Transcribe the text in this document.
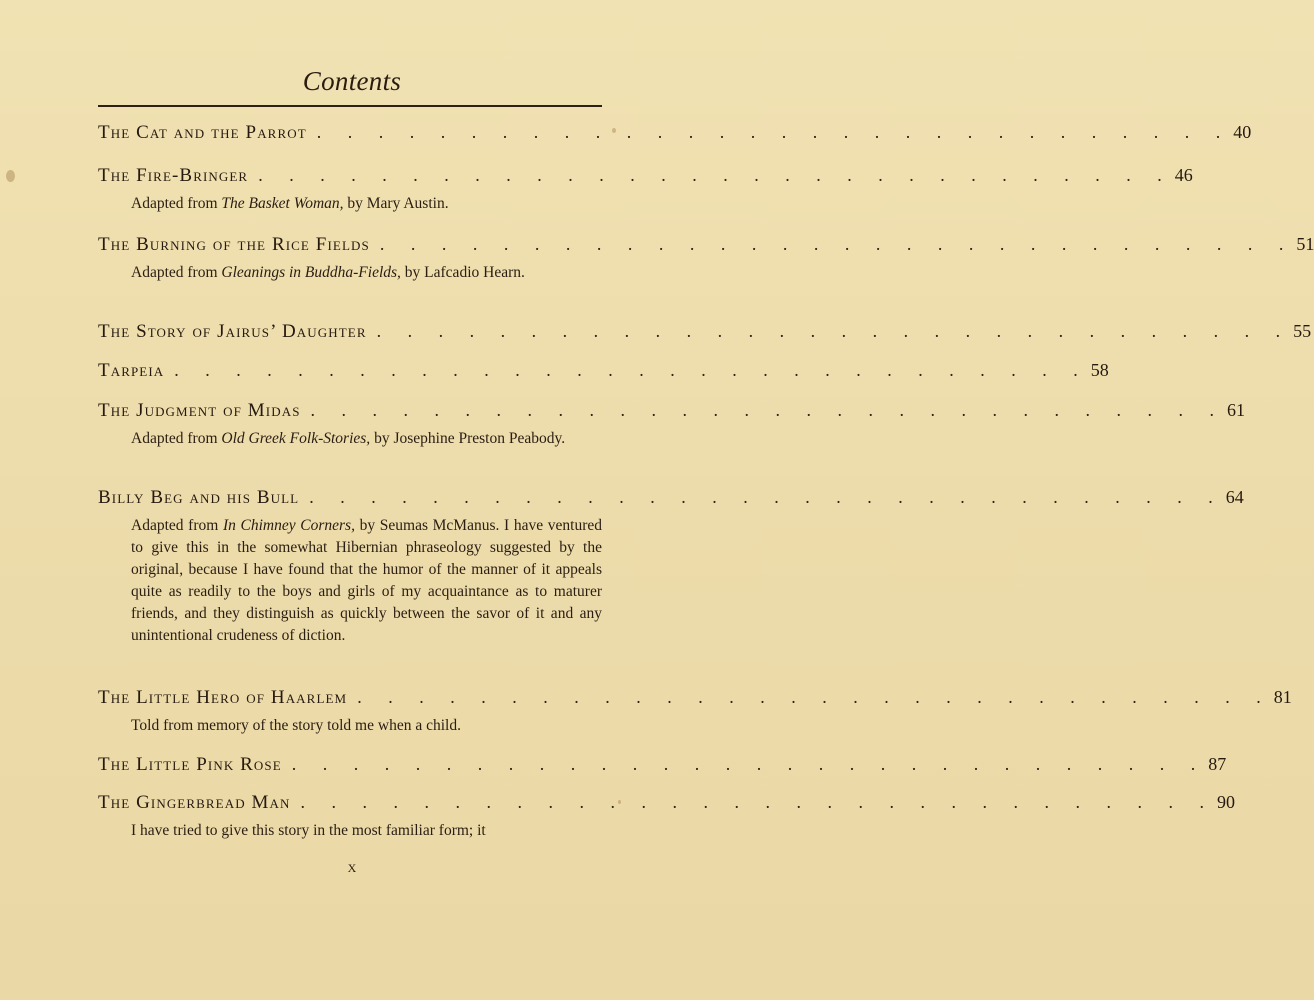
Contents
The Cat and the Parrot . . . . . . . . . . . . . . . . . . . . . . . . . . . . . . 40
The Fire-Bringer . . . . . . . . . . . . . . . . . . . . . . . . . . . . . . 46
Adapted from The Basket Woman, by Mary Austin.
The Burning of the Rice Fields . . . . . . . . . . . . . . . . . . . . . . . . . . . . . . 51
Adapted from Gleanings in Buddha-Fields, by Lafcadio Hearn.
The Story of Jairus’ Daughter . . . . . . . . . . . . . . . . . . . . . . . . . . . . . . 55
Tarpeia . . . . . . . . . . . . . . . . . . . . . . . . . . . . . . 58
The Judgment of Midas . . . . . . . . . . . . . . . . . . . . . . . . . . . . . . 61
Adapted from Old Greek Folk-Stories, by Josephine Preston Peabody.
Billy Beg and his Bull . . . . . . . . . . . . . . . . . . . . . . . . . . . . . . 64
Adapted from In Chimney Corners, by Seumas McManus. I have ventured to give this in the somewhat Hibernian phraseology suggested by the original, because I have found that the humor of the manner of it appeals quite as readily to the boys and girls of my acquaintance as to maturer friends, and they distinguish as quickly between the savor of it and any unintentional crudeness of diction.
The Little Hero of Haarlem . . . . . . . . . . . . . . . . . . . . . . . . . . . . . . 81
Told from memory of the story told me when a child.
The Little Pink Rose . . . . . . . . . . . . . . . . . . . . . . . . . . . . . . 87
The Gingerbread Man . . . . . . . . . . . . . . . . . . . . . . . . . . . . . . 90
I have tried to give this story in the most familiar form; it
x
